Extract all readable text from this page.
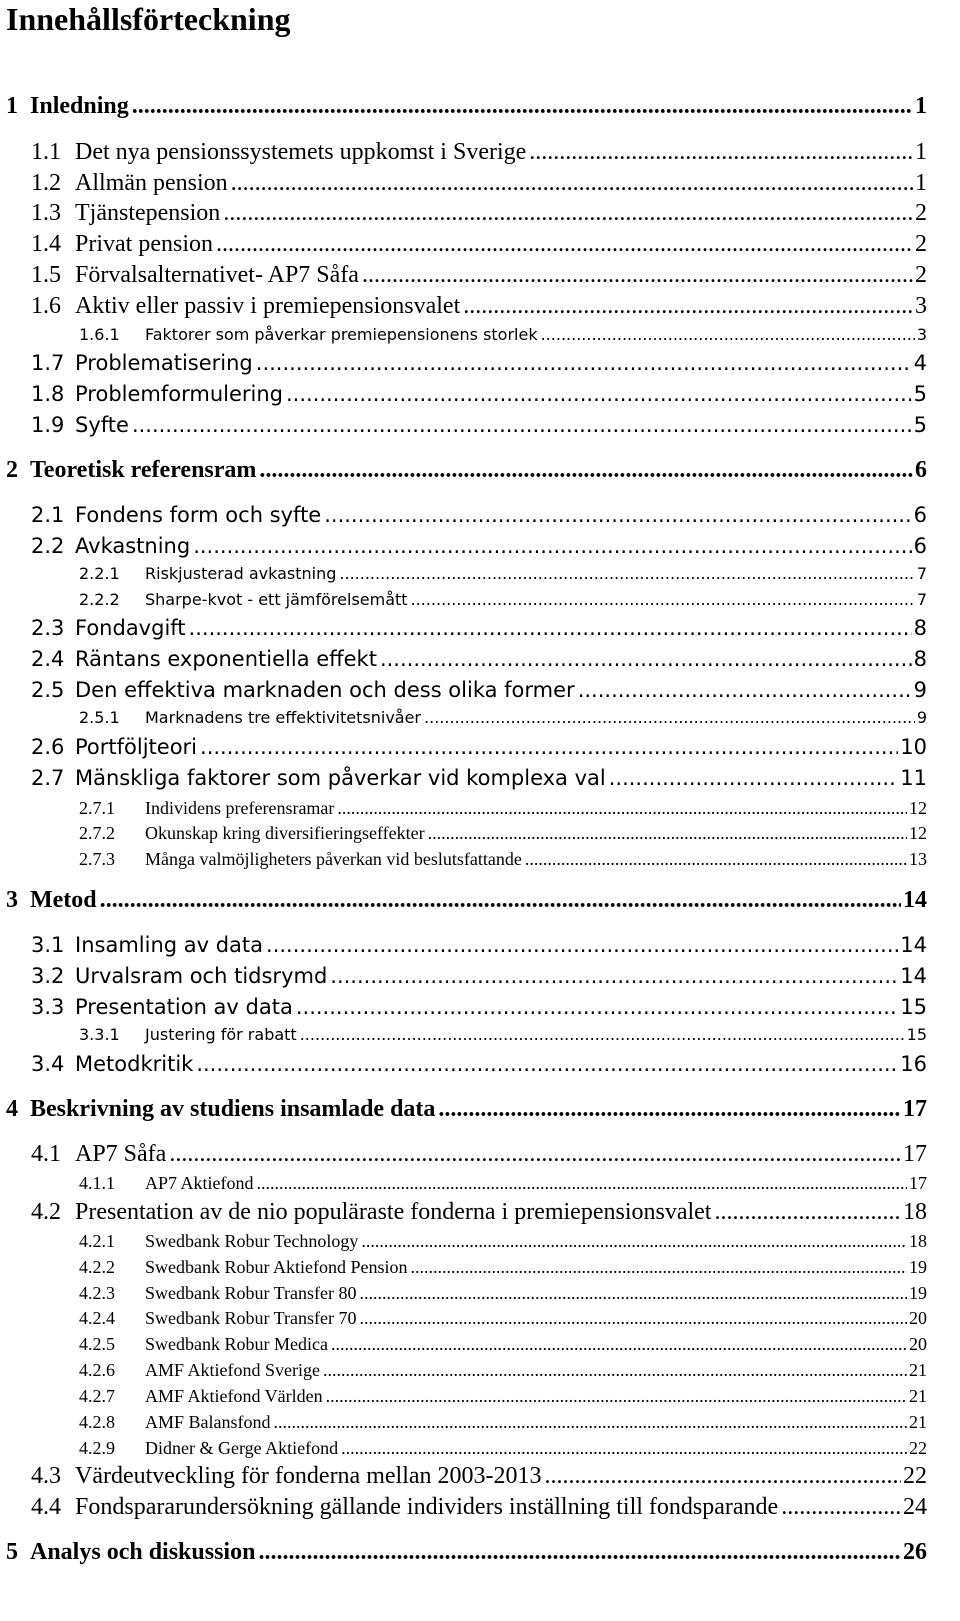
Innehållsförteckning
1 Inledning .....	1
1.1 Det nya pensionssystemets uppkomst i Sverige .....	1
1.2 Allmän pension .....	1
1.3 Tjänstepension .....	2
1.4 Privat pension .....	2
1.5 Förvalsalternativet- AP7 Såfa .....	2
1.6 Aktiv eller passiv i premiepensionsvalet .....	3
1.6.1	Faktorer som påverkar premiepensionens storlek .....	3
1.7 Problematisering .....	4
1.8 Problemformulering .....	5
1.9 Syfte .....	5
2 Teoretisk referensram .....	6
2.1 Fondens form och syfte .....	6
2.2 Avkastning .....	6
2.2.1	Riskjusterad avkastning .....	7
2.2.2	Sharpe-kvot - ett jämförelsemått .....	7
2.3 Fondavgift .....	8
2.4 Räntans exponentiella effekt .....	8
2.5 Den effektiva marknaden och dess olika former .....	9
2.5.1	Marknadens tre effektivitetsnivåer .....	9
2.6 Portföljteori .....	10
2.7 Mänskliga faktorer som påverkar vid komplexa val .....	11
2.7.1	Individens preferensramar .....	12
2.7.2	Okunskap kring diversifieringseffekter .....	12
2.7.3	Många valmöjligheters påverkan vid beslutsfattande .....	13
3 Metod .....	14
3.1 Insamling av data .....	14
3.2 Urvalsram och tidsrymd .....	14
3.3 Presentation av data .....	15
3.3.1	Justering för rabatt .....	15
3.4 Metodkritik .....	16
4 Beskrivning av studiens insamlade data .....	17
4.1 AP7 Såfa .....	17
4.1.1	AP7 Aktiefond .....	17
4.2 Presentation av de nio populäraste fonderna i premiepensionsvalet .....	18
4.2.1	Swedbank Robur Technology .....	18
4.2.2	Swedbank Robur Aktiefond Pension .....	19
4.2.3	Swedbank Robur Transfer 80 .....	19
4.2.4	Swedbank Robur Transfer 70 .....	20
4.2.5	Swedbank Robur Medica .....	20
4.2.6	AMF Aktiefond Sverige .....	21
4.2.7	AMF Aktiefond Världen .....	21
4.2.8	AMF Balansfond .....	21
4.2.9	Didner & Gerge Aktiefond .....	22
4.3 Värdeutveckling för fonderna mellan 2003-2013 .....	22
4.4 Fondspararundersökning gällande individers inställning till fondsparande .....	24
5 Analys och diskussion .....	26
